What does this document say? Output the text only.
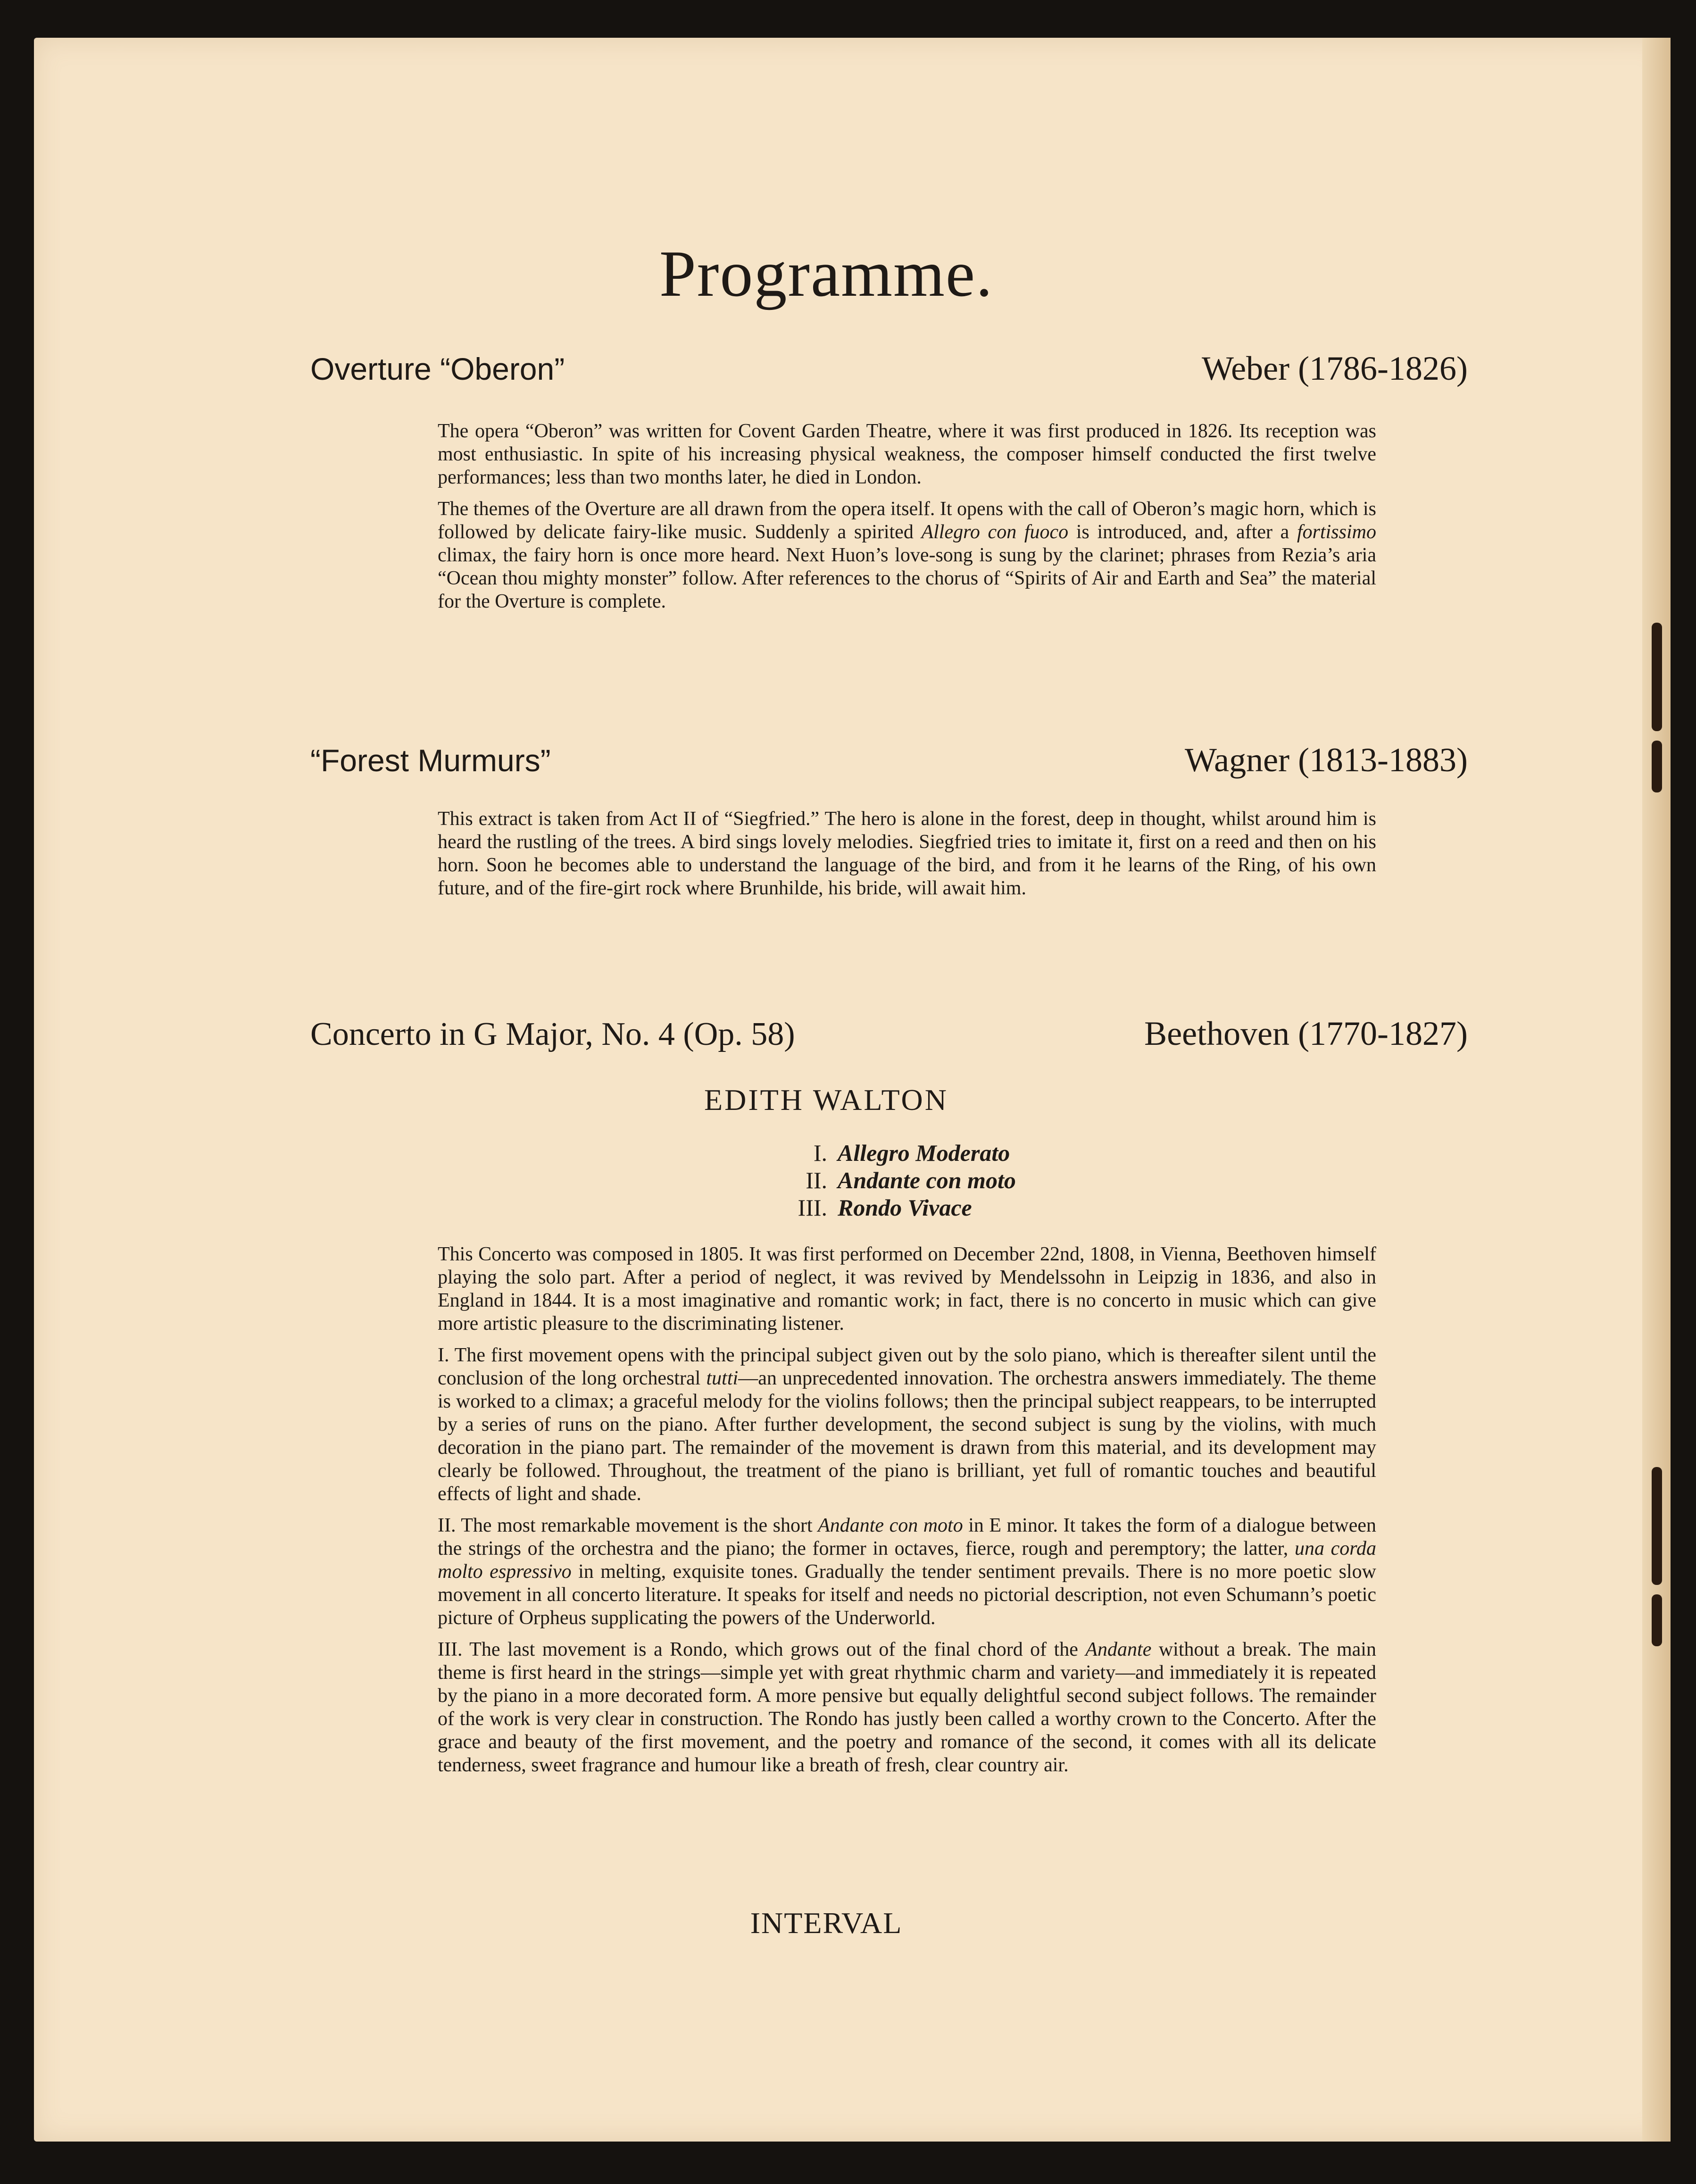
Programme.
Overture “Oberon”	Weber (1786-1826)

The opera “Oberon” was written for Covent Garden Theatre, where it was first produced in 1826. Its reception was most enthusiastic. In spite of his increasing physical weakness, the composer himself conducted the first twelve performances; less than two months later, he died in London.

The themes of the Overture are all drawn from the opera itself. It opens with the call of Oberon’s magic horn, which is followed by delicate fairy-like music. Suddenly a spirited Allegro con fuoco is introduced, and, after a fortissimo climax, the fairy horn is once more heard. Next Huon’s love-song is sung by the clarinet; phrases from Rezia’s aria “Ocean thou mighty monster” follow. After references to the chorus of “Spirits of Air and Earth and Sea” the material for the Overture is complete.

“Forest Murmurs”	Wagner (1813-1883)

This extract is taken from Act II of “Siegfried.” The hero is alone in the forest, deep in thought, whilst around him is heard the rustling of the trees. A bird sings lovely melodies. Siegfried tries to imitate it, first on a reed and then on his horn. Soon he becomes able to understand the language of the bird, and from it he learns of the Ring, of his own future, and of the fire-girt rock where Brunhilde, his bride, will await him.

Concerto in G Major, No. 4 (Op. 58)	Beethoven (1770-1827)
EDITH WALTON
I. Allegro Moderato
II. Andante con moto
III. Rondo Vivace

This Concerto was composed in 1805. It was first performed on December 22nd, 1808, in Vienna, Beethoven himself playing the solo part. After a period of neglect, it was revived by Mendelssohn in Leipzig in 1836, and also in England in 1844. It is a most imaginative and romantic work; in fact, there is no concerto in music which can give more artistic pleasure to the discriminating listener.

I. The first movement opens with the principal subject given out by the solo piano, which is thereafter silent until the conclusion of the long orchestral tutti—an unprecedented innovation. The orchestra answers immediately. The theme is worked to a climax; a graceful melody for the violins follows; then the principal subject reappears, to be interrupted by a series of runs on the piano. After further development, the second subject is sung by the violins, with much decoration in the piano part. The remainder of the movement is drawn from this material, and its development may clearly be followed. Throughout, the treatment of the piano is brilliant, yet full of romantic touches and beautiful effects of light and shade.

II. The most remarkable movement is the short Andante con moto in E minor. It takes the form of a dialogue between the strings of the orchestra and the piano; the former in octaves, fierce, rough and peremptory; the latter, una corda molto espressivo in melting, exquisite tones. Gradually the tender sentiment prevails. There is no more poetic slow movement in all concerto literature. It speaks for itself and needs no pictorial description, not even Schumann’s poetic picture of Orpheus supplicating the powers of the Underworld.

III. The last movement is a Rondo, which grows out of the final chord of the Andante without a break. The main theme is first heard in the strings—simple yet with great rhythmic charm and variety—and immediately it is repeated by the piano in a more decorated form. A more pensive but equally delightful second subject follows. The remainder of the work is very clear in construction. The Rondo has justly been called a worthy crown to the Concerto. After the grace and beauty of the first movement, and the poetry and romance of the second, it comes with all its delicate tenderness, sweet fragrance and humour like a breath of fresh, clear country air.

INTERVAL
